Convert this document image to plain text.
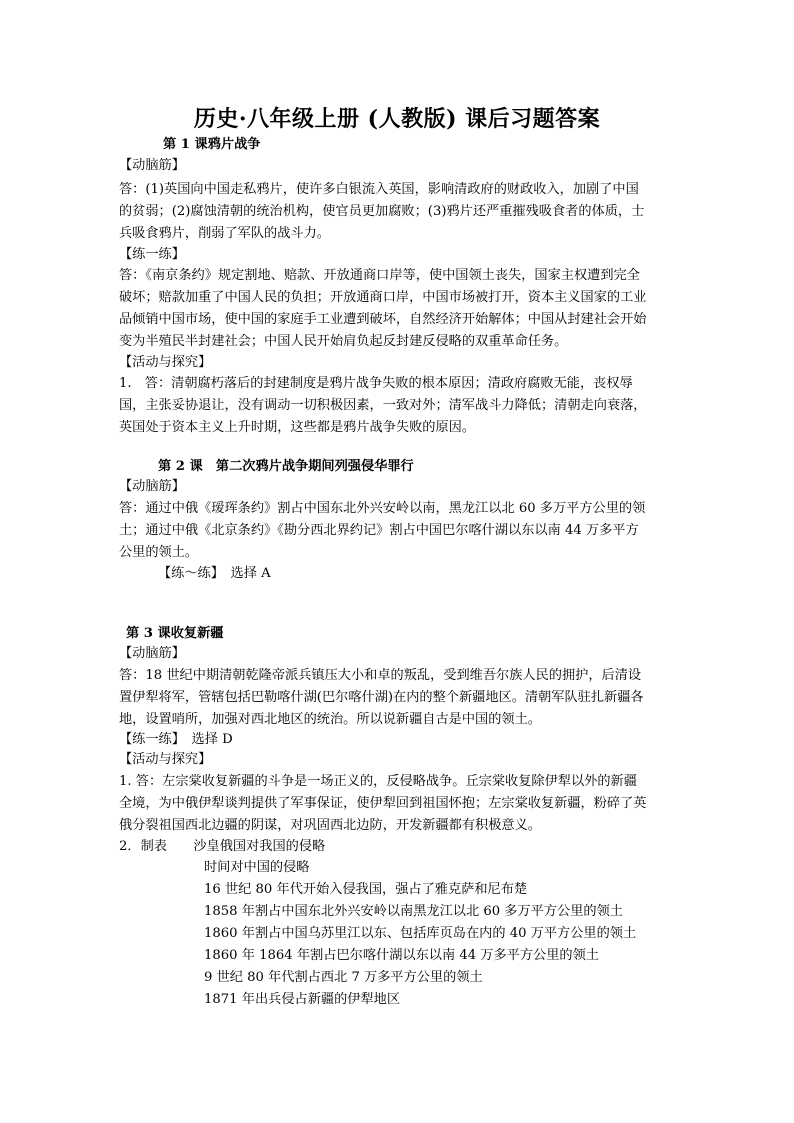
历史·八年级上册 (人教版) 课后习题答案
第 1 课鸦片战争
【动脑筋】
答：(1)英国向中国走私鸦片，使许多白银流入英国，影响清政府的财政收入，加剧了中国
的贫弱；(2)腐蚀清朝的统治机构，使官员更加腐败；(3)鸦片还严重摧残吸食者的体质，士
兵吸食鸦片，削弱了军队的战斗力。
【练一练】
答：《南京条约》规定割地、赔款、开放通商口岸等，使中国领土丧失，国家主权遭到完全
破坏；赔款加重了中国人民的负担；开放通商口岸，中国市场被打开，资本主义国家的工业
品倾销中国市场，使中国的家庭手工业遭到破坏，自然经济开始解体；中国从封建社会开始
变为半殖民半封建社会；中国人民开始肩负起反封建反侵略的双重革命任务。
【活动与探究】
1.　答：清朝腐朽落后的封建制度是鸦片战争失败的根本原因；清政府腐败无能，丧权辱
国，主张妥协退让，没有调动一切积极因素，一致对外；清军战斗力降低；清朝走向衰落，
英国处于资本主义上升时期，这些都是鸦片战争失败的原因。
第 2 课　第二次鸦片战争期间列强侵华罪行
【动脑筋】
答：通过中俄《瑷珲条约》割占中国东北外兴安岭以南，黑龙江以北 60 多万平方公里的领
土；通过中俄《北京条约》《勘分西北界约记》割占中国巴尔喀什湖以东以南 44 万多平方
公里的领土。
【练～练】　选择 A
第 3 课收复新疆
【动脑筋】
答：18 世纪中期清朝乾隆帝派兵镇压大小和卓的叛乱，受到维吾尔族人民的拥护，后清设
置伊犁将军，管辖包括巴勒喀什湖(巴尔喀什湖)在内的整个新疆地区。清朝军队驻扎新疆各
地，设置哨所，加强对西北地区的统治。所以说新疆自古是中国的领土。
【练一练】　选择 D
【活动与探究】
1. 答：左宗棠收复新疆的斗争是一场正义的，反侵略战争。丘宗棠收复除伊犁以外的新疆
全境，为中俄伊犁谈判提供了军事保证，使伊犁回到祖国怀抱；左宗棠收复新疆，粉碎了英
俄分裂祖国西北边疆的阴谋，对巩固西北边防，开发新疆都有积极意义。
2．制表　　沙皇俄国对我国的侵略
时间对中国的侵略
16 世纪 80 年代开始入侵我国，强占了雅克萨和尼布楚
1858 年割占中国东北外兴安岭以南黑龙江以北 60 多万平方公里的领土
1860 年割占中国乌苏里江以东、包括库页岛在内的 40 万平方公里的领土
1860 年 1864 年割占巴尔喀什湖以东以南 44 万多平方公里的领土
9 世纪 80 年代割占西北 7 万多平方公里的领土
1871 年出兵侵占新疆的伊犁地区
